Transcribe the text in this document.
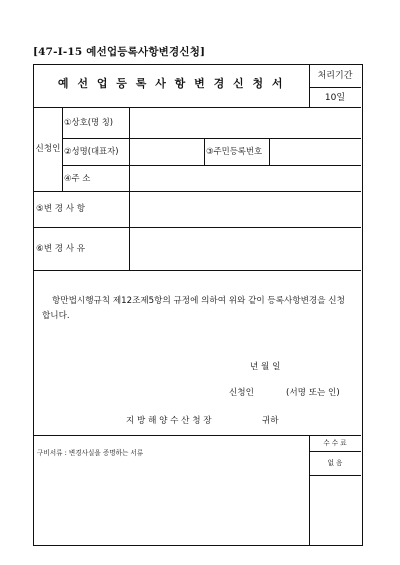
[47-Ⅰ-15 예선업등록사항변경신청]
예 선 업 등 록 사 항 변 경 신 청 서
처리기간
10일
신청인
①상호(명 칭)
②성명(대표자)	③주민등록번호
④주 소
⑤변 경 사 항
⑥변 경 사 유
항만법시행규칙 제12조제5항의 규정에 의하여 위와 같이 등록사항변경을 신청합니다.
년 월 일
신청인	(서명 또는 인)
지 방 해 양 수 산 청 장	귀하
구비서류 : 변경사실을 증명하는 서류
수 수 료
없 음
